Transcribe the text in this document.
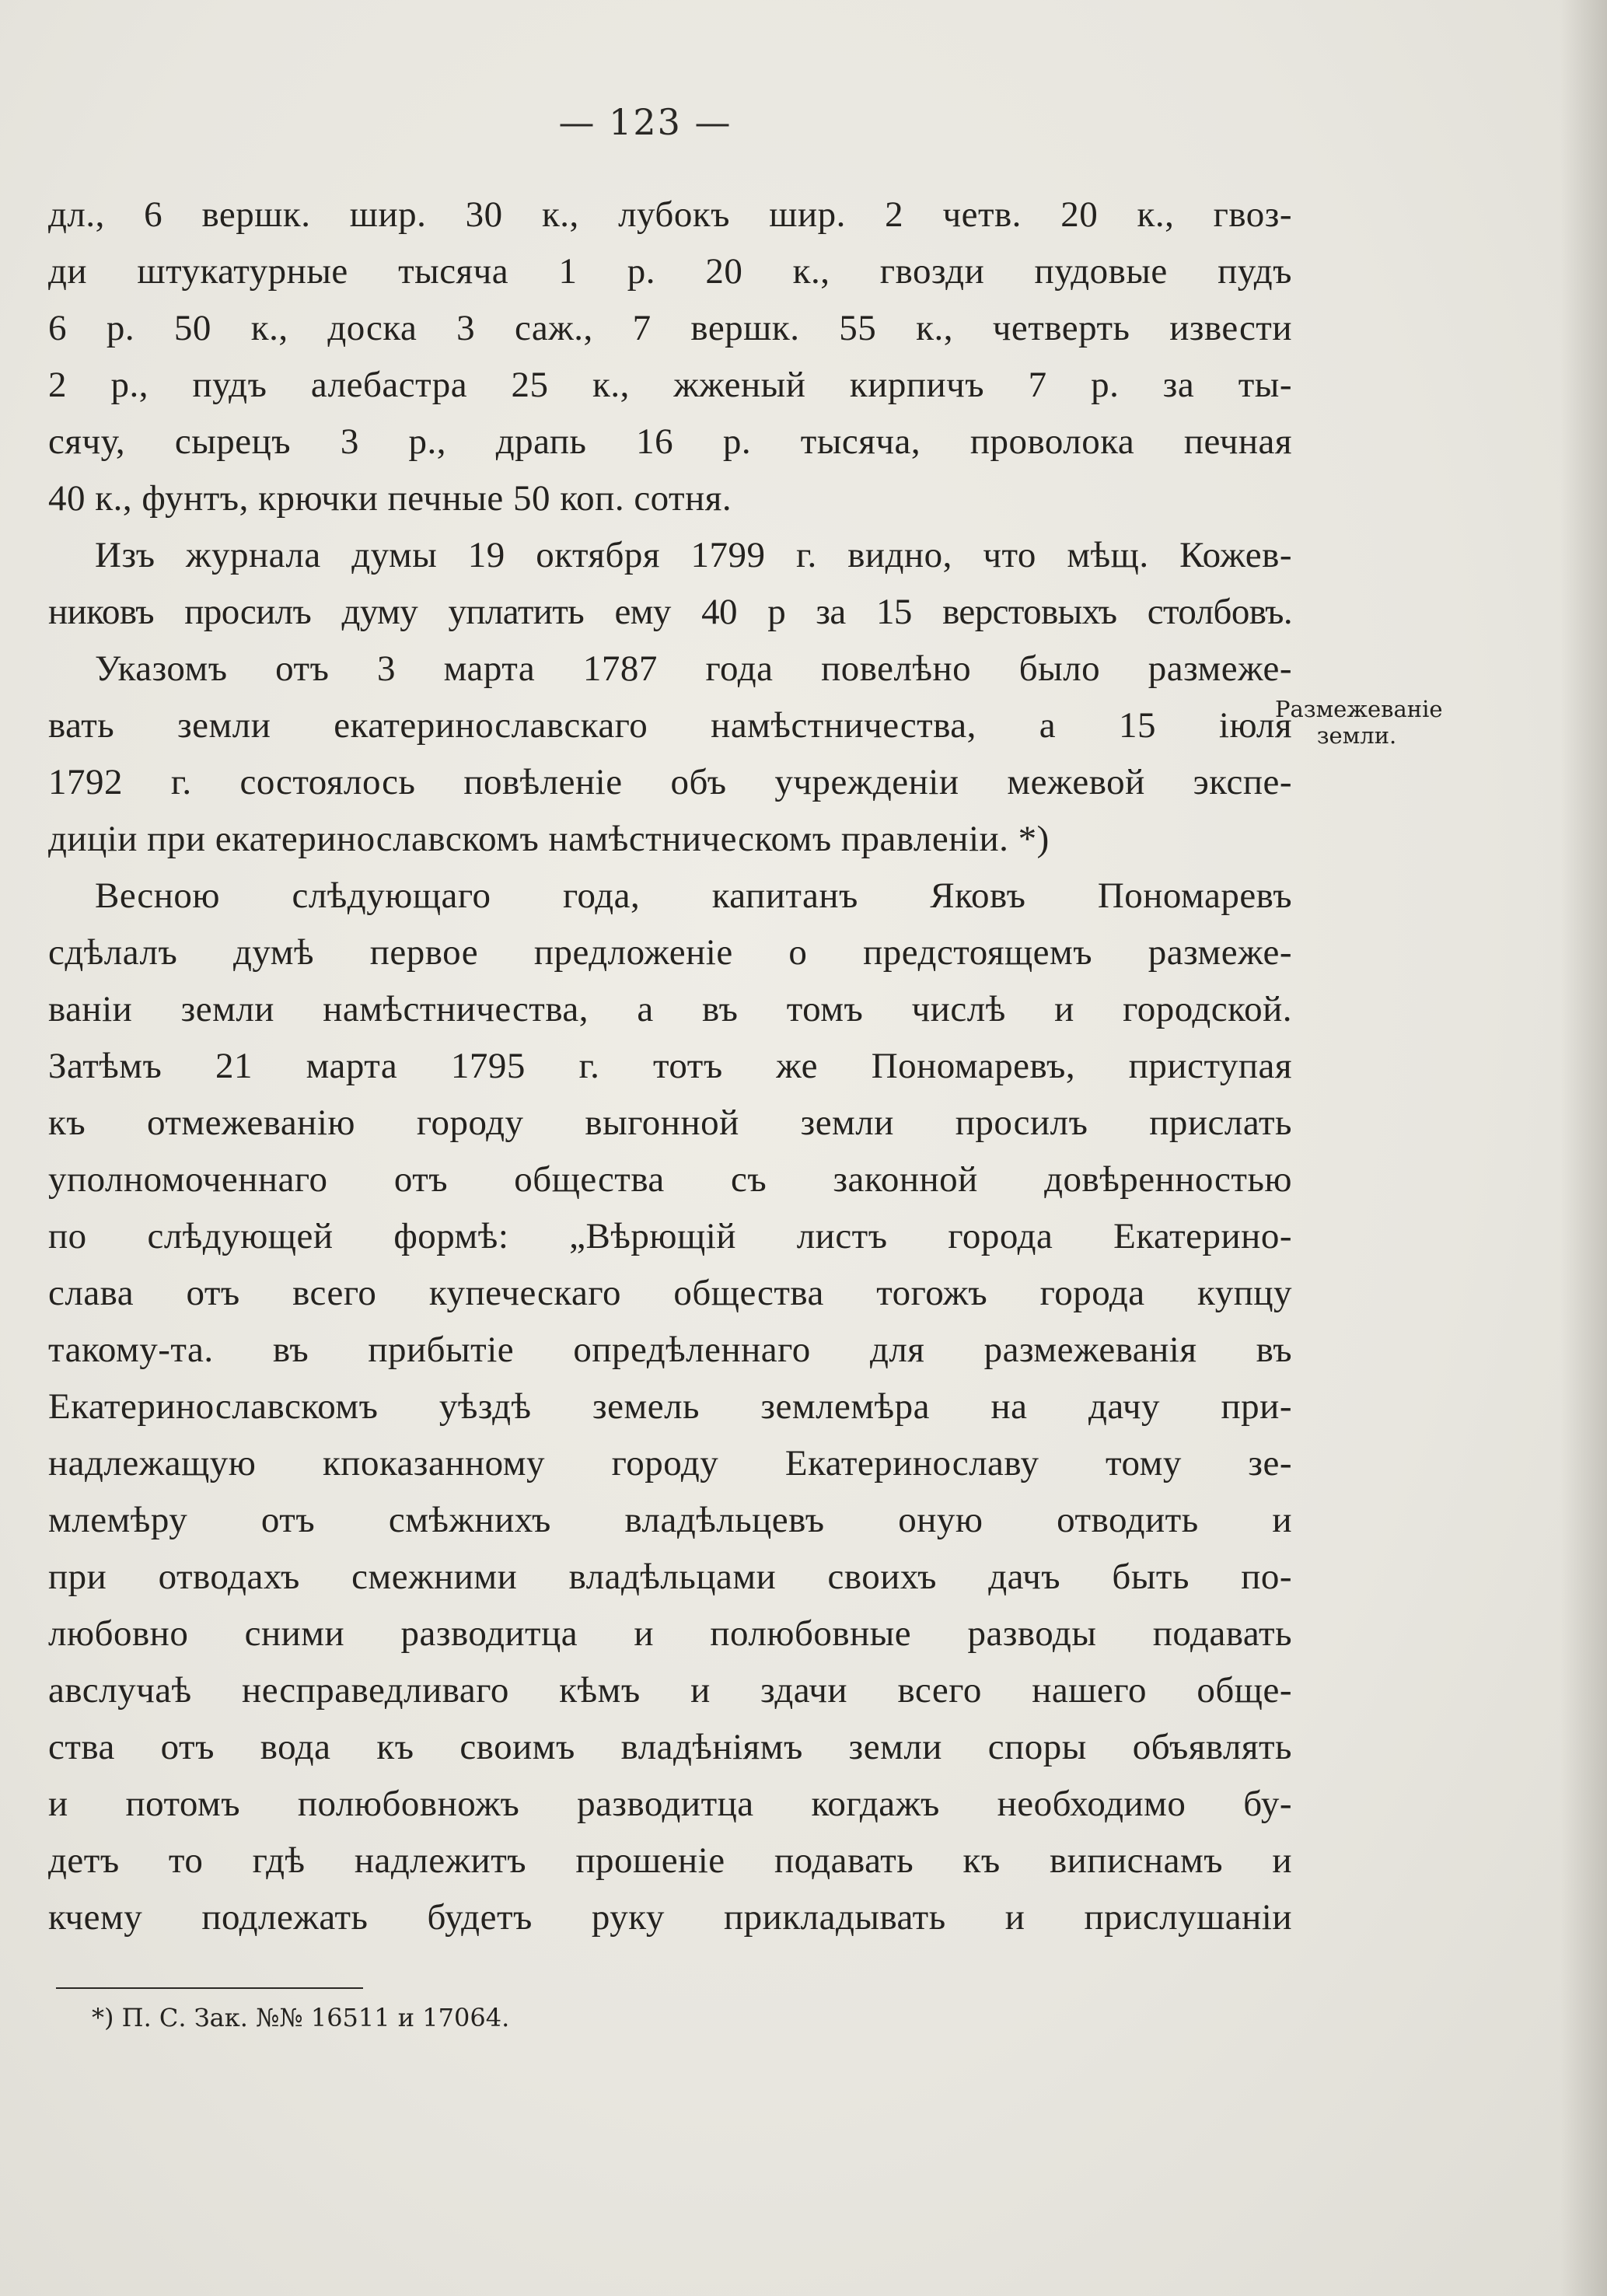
— 123 —
дл., 6 вершк. шир. 30 к., лубокъ шир. 2 четв. 20 к., гвоз-
ди штукатурные тысяча 1 р. 20 к., гвозди пудовые пудъ
6 р. 50 к., доска 3 саж., 7 вершк. 55 к., четверть извести
2 р., пудъ алебастра 25 к., жженый кирпичъ 7 р. за ты-
сячу, сырецъ 3 р., драпь 16 р. тысяча, проволока печная
40 к., фунтъ, крючки печные 50 коп. сотня.
Изъ журнала думы 19 октября 1799 г. видно, что мѣщ. Кожев-
никовъ просилъ думу уплатить ему 40 р за 15 верстовыхъ столбовъ.
Указомъ отъ 3 марта 1787 года повелѣно было размеже-
вать земли екатеринославскаго намѣстничества, а 15 іюля
1792 г. состоялось повѣленіе объ учрежденіи межевой экспе-
диціи при екатеринославскомъ намѣстническомъ правленіи. *)
Весною слѣдующаго года, капитанъ Яковъ Пономаревъ
сдѣлалъ думѣ первое предложеніе о предстоящемъ размеже-
ваніи земли намѣстничества, а въ томъ числѣ и городской.
Затѣмъ 21 марта 1795 г. тотъ же Пономаревъ, приступая
къ отмежеванію городу выгонной земли просилъ прислать
уполномоченнаго отъ общества съ законной довѣренностью
по слѣдующей формѣ: „Вѣрющій листъ города Екатерино-
слава отъ всего купеческаго общества тогожъ города купцу
такому-та. въ прибытіе опредѣленнаго для размежеванія въ
Екатеринославскомъ уѣздѣ земель землемѣра на дачу при-
надлежащую кпоказанному городу Екатеринославу тому зе-
млемѣру отъ смѣжнихъ владѣльцевъ оную отводить и
при отводахъ смежними владѣльцами своихъ дачъ быть по-
любовно сними разводитца и полюбовные разводы подавать
авслучаѣ несправедливаго кѣмъ и здачи всего нашего обще-
ства отъ вода къ своимъ владѣніямъ земли споры объявлять
и потомъ полюбовножъ разводитца когдажъ необходимо бу-
детъ то гдѣ надлежитъ прошеніе подавать къ виписнамъ и
кчему подлежать будетъ руку прикладывать и прислушаніи
Размежеваніе
земли.
*) П. С. Зак. №№ 16511 и 17064.
